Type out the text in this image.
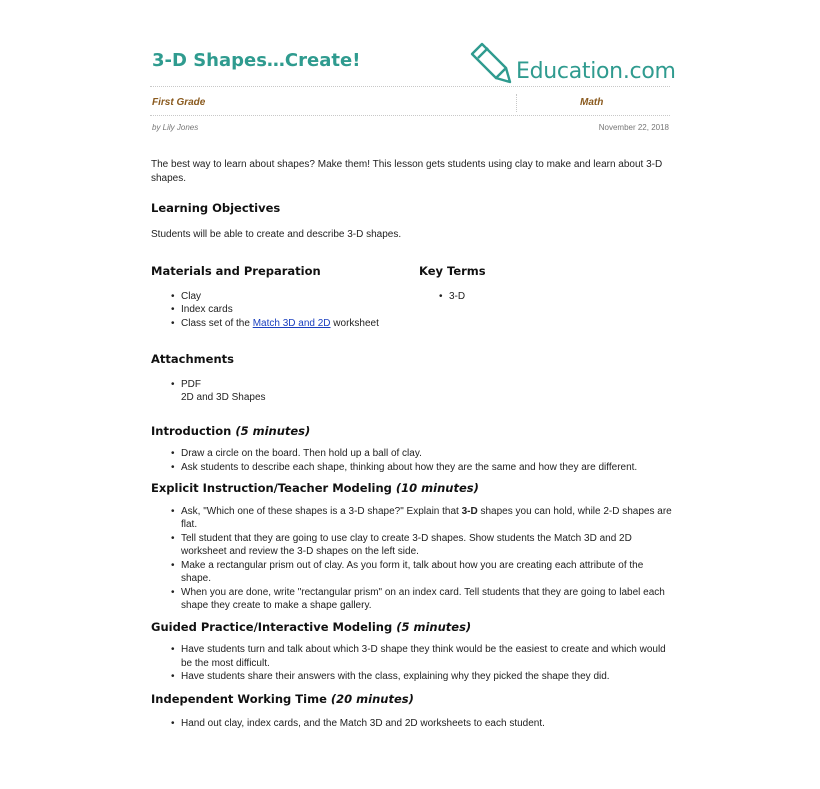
3-D Shapes…Create!	Education.com
First Grade	Math
by Lily Jones	November 22, 2018

The best way to learn about shapes? Make them! This lesson gets students using clay to make and learn about 3-D shapes.

Learning Objectives

Students will be able to create and describe 3-D shapes.

Materials and Preparation

• Clay
• Index cards
• Class set of the Match 3D and 2D worksheet

Key Terms

• 3-D

Attachments

• PDF
2D and 3D Shapes

Introduction (5 minutes)

• Draw a circle on the board. Then hold up a ball of clay.
• Ask students to describe each shape, thinking about how they are the same and how they are different.

Explicit Instruction/Teacher Modeling (10 minutes)

• Ask, "Which one of these shapes is a 3-D shape?" Explain that 3-D shapes you can hold, while 2-D shapes are flat.
• Tell student that they are going to use clay to create 3-D shapes. Show students the Match 3D and 2D worksheet and review the 3-D shapes on the left side.
• Make a rectangular prism out of clay. As you form it, talk about how you are creating each attribute of the shape.
• When you are done, write "rectangular prism" on an index card. Tell students that they are going to label each shape they create to make a shape gallery.

Guided Practice/Interactive Modeling (5 minutes)

• Have students turn and talk about which 3-D shape they think would be the easiest to create and which would be the most difficult.
• Have students share their answers with the class, explaining why they picked the shape they did.

Independent Working Time (20 minutes)

• Hand out clay, index cards, and the Match 3D and 2D worksheets to each student.
